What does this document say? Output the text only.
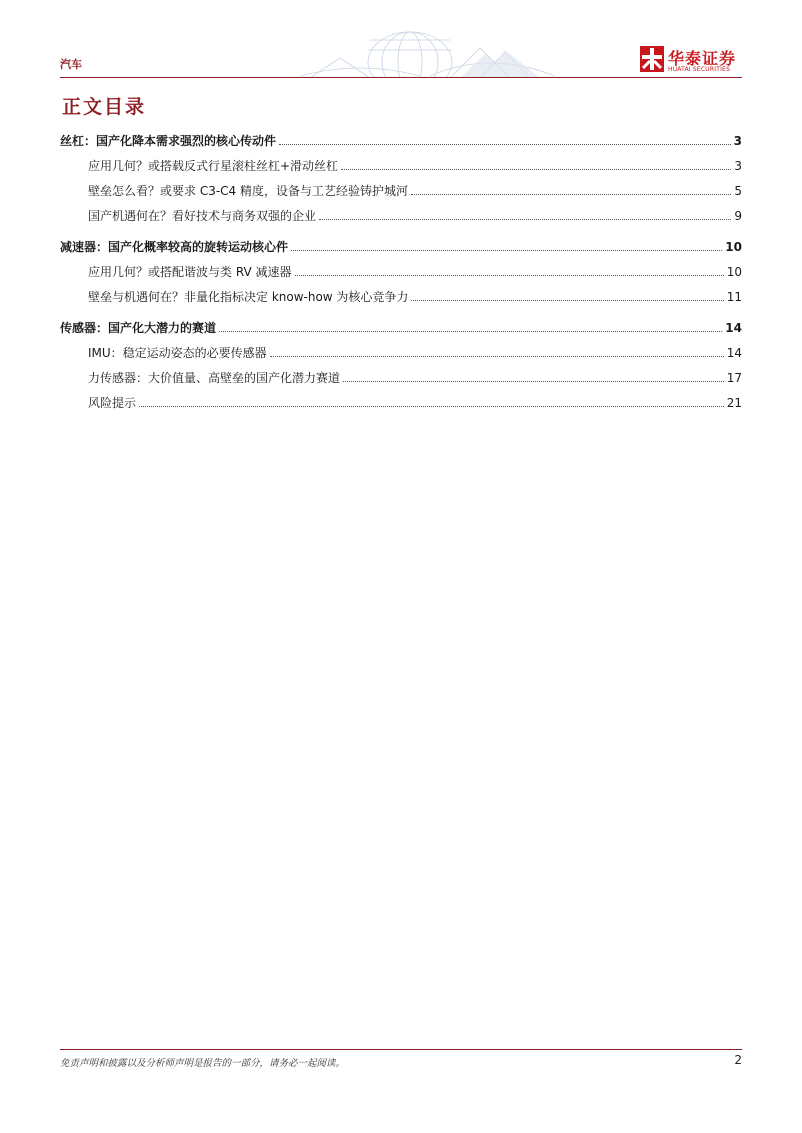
汽车	华泰证券
HUATAI SECURITIES
正文目录
丝杠：国产化降本需求强烈的核心传动件	3
应用几何？或搭载反式行星滚柱丝杠+滑动丝杠	3
壁垒怎么看？或要求 C3-C4 精度，设备与工艺经验铸护城河	5
国产机遇何在？看好技术与商务双强的企业	9
减速器：国产化概率较高的旋转运动核心件	10
应用几何？或搭配谐波与类 RV 减速器	10
壁垒与机遇何在？非量化指标决定 know-how 为核心竞争力	11
传感器：国产化大潜力的赛道	14
IMU：稳定运动姿态的必要传感器	14
力传感器：大价值量、高壁垒的国产化潜力赛道	17
风险提示	21
免责声明和披露以及分析师声明是报告的一部分，请务必一起阅读。	2
